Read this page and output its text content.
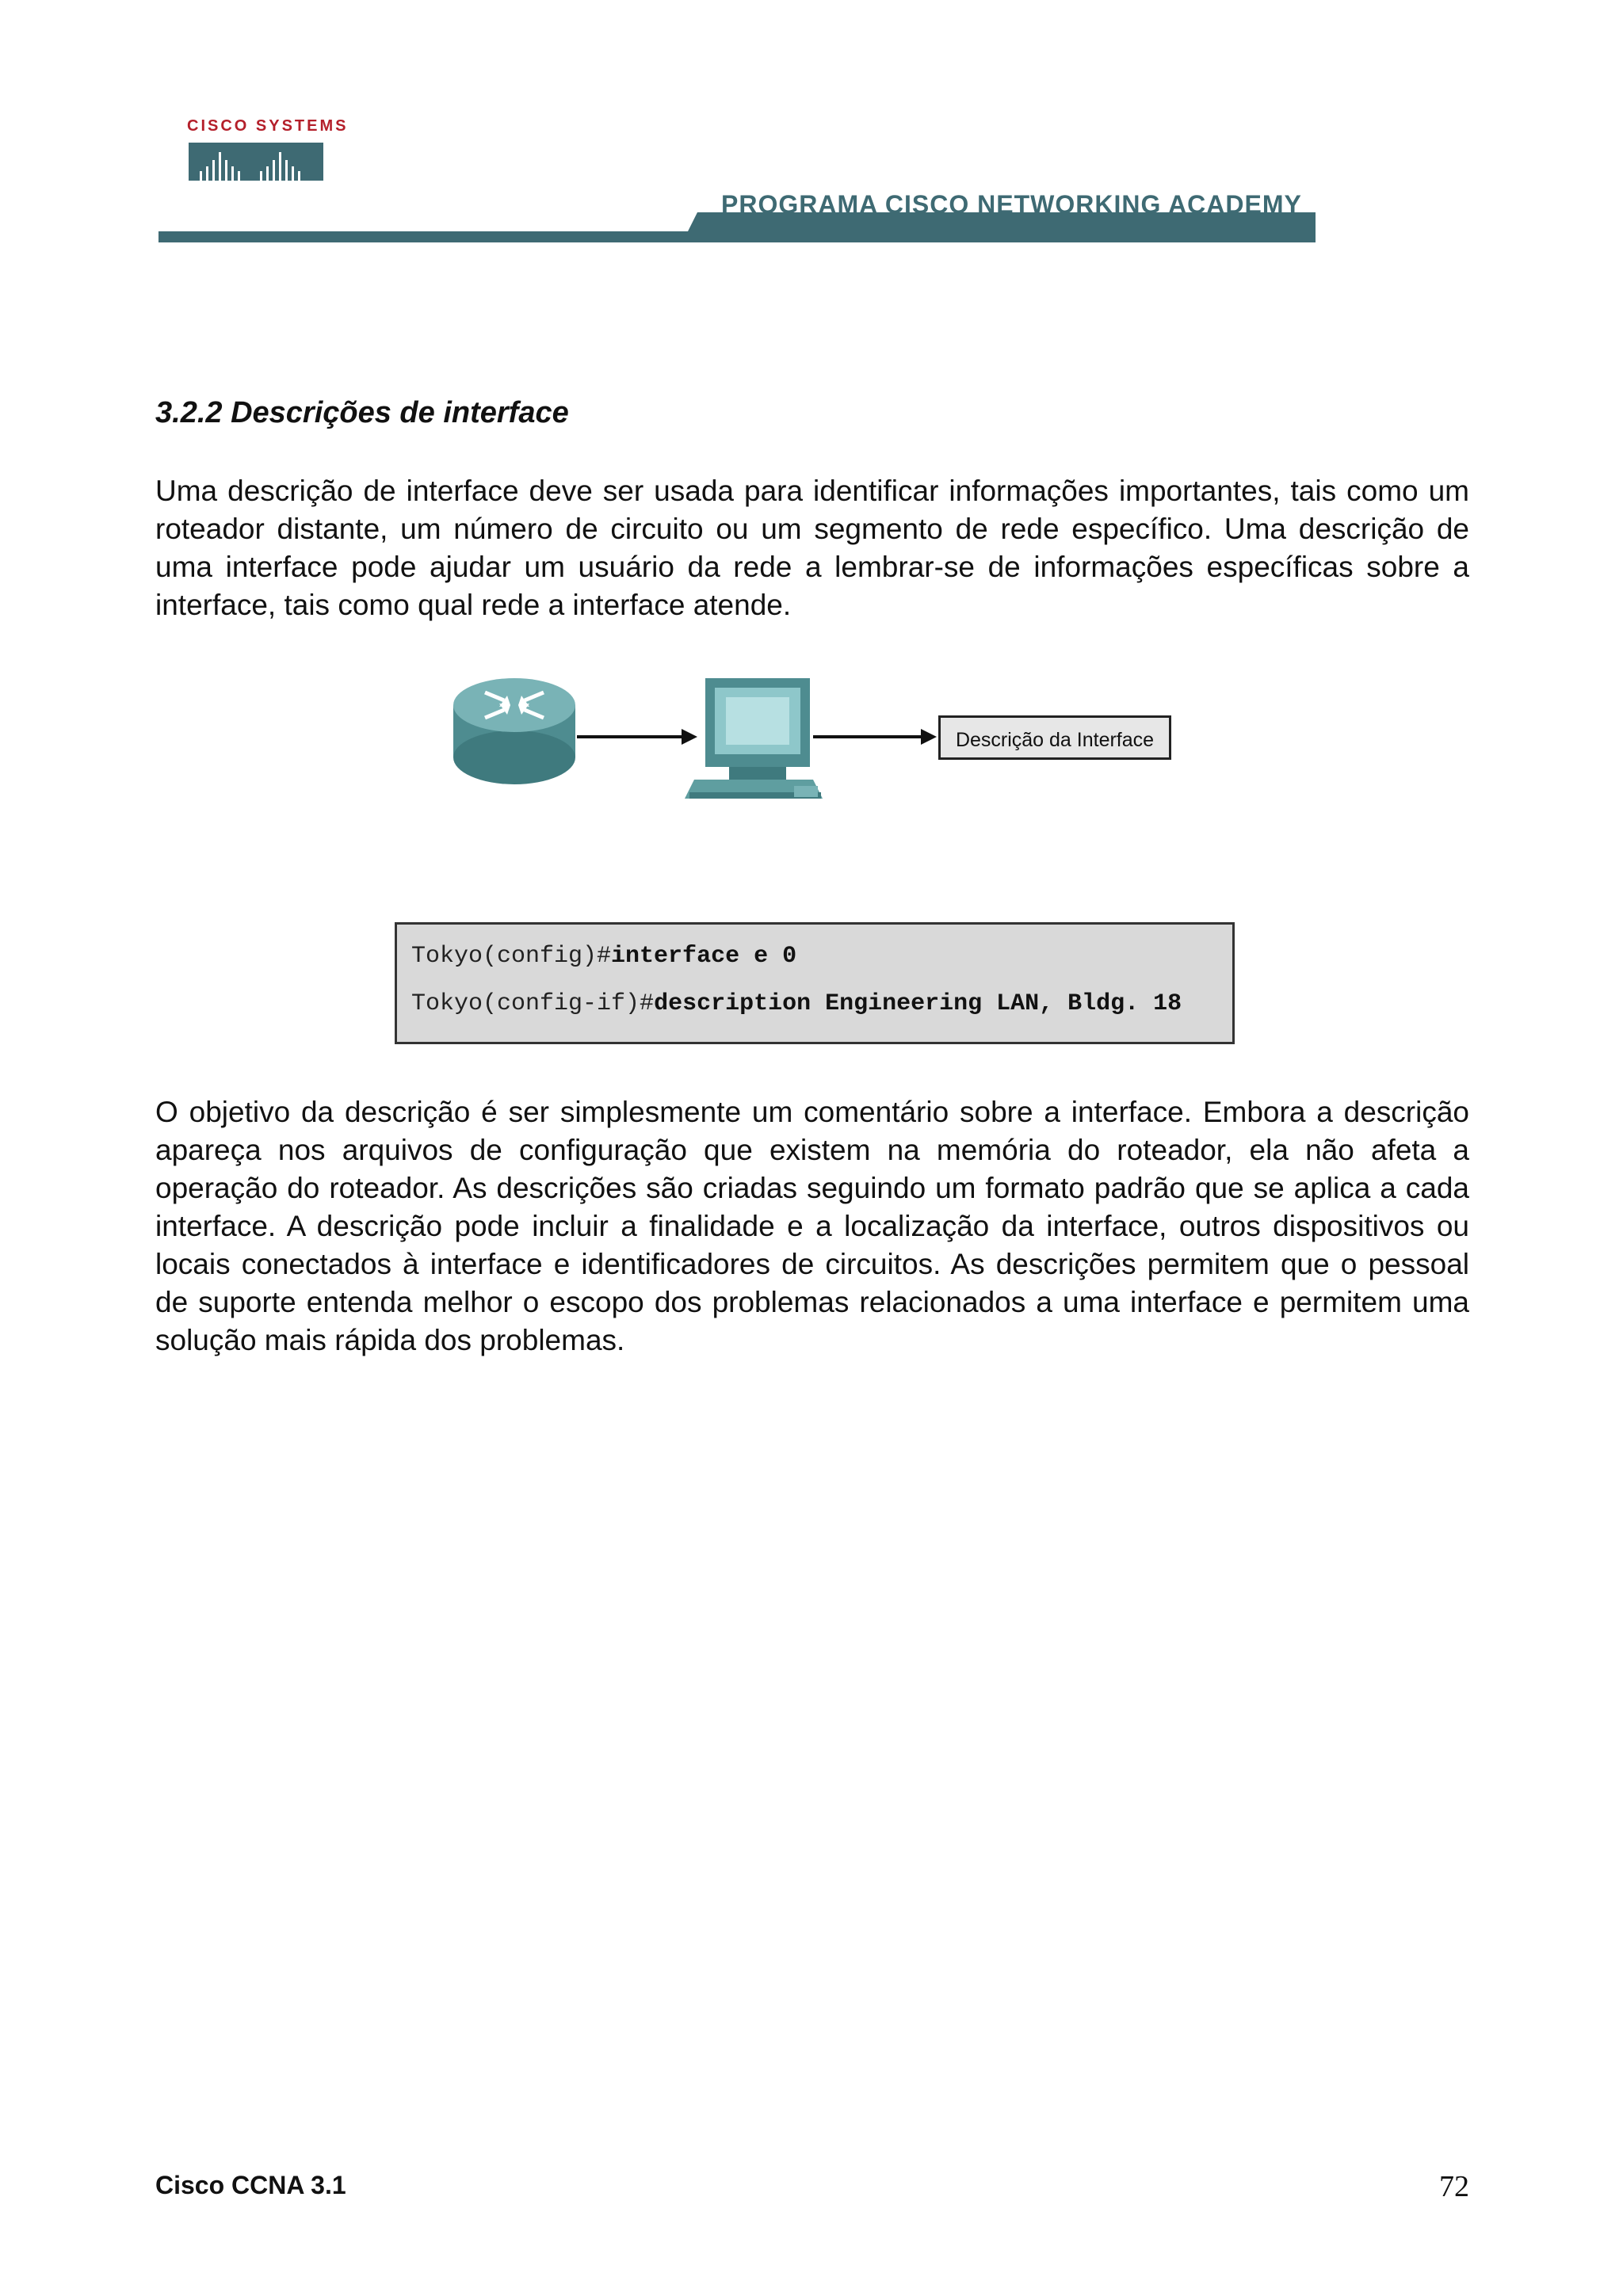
CISCO SYSTEMS
PROGRAMA CISCO NETWORKING ACADEMY
3.2.2 Descrições de interface

Uma descrição de interface deve ser usada para identificar informações importantes, tais como um roteador distante, um número de circuito ou um segmento de rede específico. Uma descrição de uma interface pode ajudar um usuário da rede a lembrar-se de informações específicas sobre a interface, tais como qual rede a interface atende.

Descrição da Interface
Tokyo(config)#interface e 0
Tokyo(config-if)#description Engineering LAN, Bldg. 18

O objetivo da descrição é ser simplesmente um comentário sobre a interface. Embora a descrição apareça nos arquivos de configuração que existem na memória do roteador, ela não afeta a operação do roteador. As descrições são criadas seguindo um formato padrão que se aplica a cada interface. A descrição pode incluir a finalidade e a localização da interface, outros dispositivos ou locais conectados à interface e identificadores de circuitos. As descrições permitem que o pessoal de suporte entenda melhor o escopo dos problemas relacionados a uma interface e permitem uma solução mais rápida dos problemas.

Cisco CCNA 3.1	72
